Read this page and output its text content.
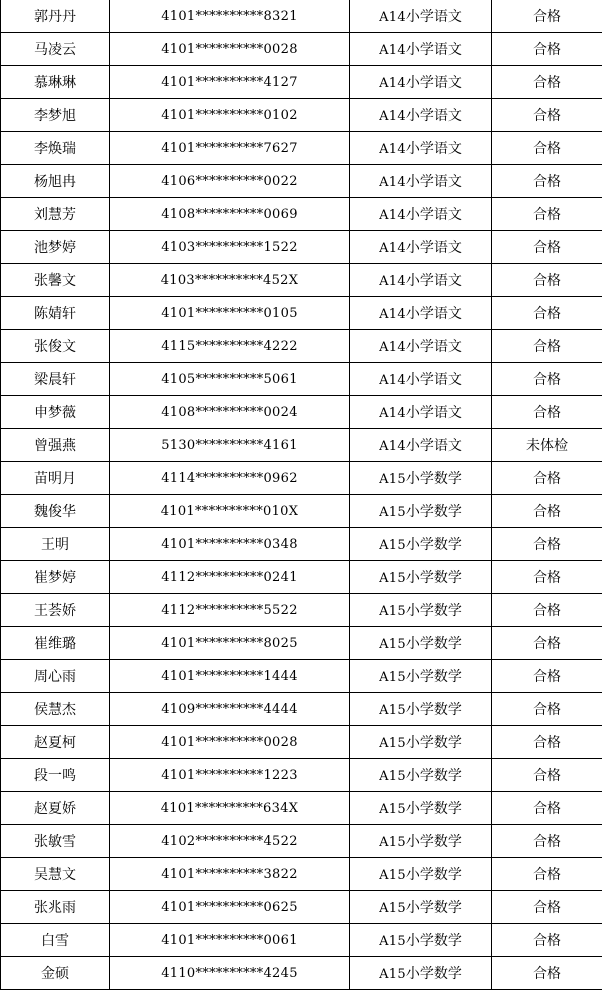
郭丹丹	4101**********8321	A14小学语文	合格
马凌云	4101**********0028	A14小学语文	合格
慕琳琳	4101**********4127	A14小学语文	合格
李梦旭	4101**********0102	A14小学语文	合格
李焕瑞	4101**********7627	A14小学语文	合格
杨旭冉	4106**********0022	A14小学语文	合格
刘慧芳	4108**********0069	A14小学语文	合格
池梦婷	4103**********1522	A14小学语文	合格
张馨文	4103**********452X	A14小学语文	合格
陈婧轩	4101**********0105	A14小学语文	合格
张俊文	4115**********4222	A14小学语文	合格
梁晨轩	4105**********5061	A14小学语文	合格
申梦薇	4108**********0024	A14小学语文	合格
曾强燕	5130**********4161	A14小学语文	未体检
苗明月	4114**********0962	A15小学数学	合格
魏俊华	4101**********010X	A15小学数学	合格
王明	4101**********0348	A15小学数学	合格
崔梦婷	4112**********0241	A15小学数学	合格
王荟娇	4112**********5522	A15小学数学	合格
崔维璐	4101**********8025	A15小学数学	合格
周心雨	4101**********1444	A15小学数学	合格
侯慧杰	4109**********4444	A15小学数学	合格
赵夏柯	4101**********0028	A15小学数学	合格
段一鸣	4101**********1223	A15小学数学	合格
赵夏娇	4101**********634X	A15小学数学	合格
张敏雪	4102**********4522	A15小学数学	合格
吴慧文	4101**********3822	A15小学数学	合格
张兆雨	4101**********0625	A15小学数学	合格
白雪	4101**********0061	A15小学数学	合格
金硕	4110**********4245	A15小学数学	合格
